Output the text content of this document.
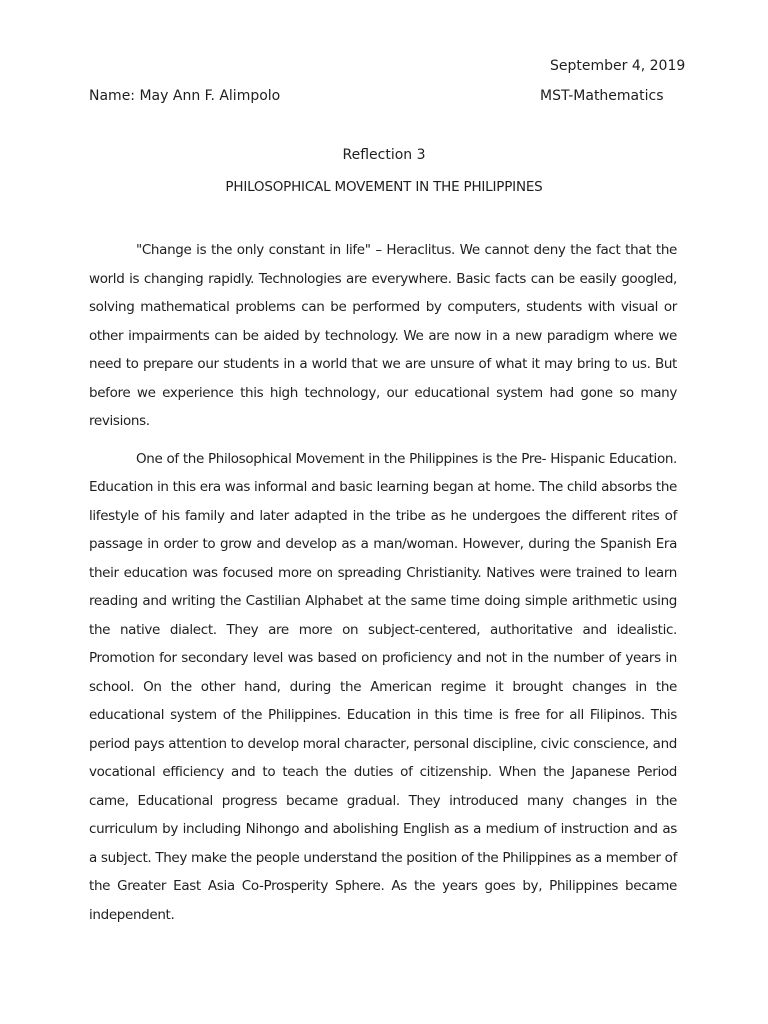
September 4, 2019
Name: May Ann F. Alimpolo	MST-Mathematics
Reflection 3
PHILOSOPHICAL MOVEMENT IN THE PHILIPPINES

"Change is the only constant in life" – Heraclitus. We cannot deny the fact that the world is changing rapidly. Technologies are everywhere. Basic facts can be easily googled, solving mathematical problems can be performed by computers, students with visual or other impairments can be aided by technology. We are now in a new paradigm where we need to prepare our students in a world that we are unsure of what it may bring to us. But before we experience this high technology, our educational system had gone so many revisions.

One of the Philosophical Movement in the Philippines is the Pre- Hispanic Education. Education in this era was informal and basic learning began at home. The child absorbs the lifestyle of his family and later adapted in the tribe as he undergoes the different rites of passage in order to grow and develop as a man/woman. However, during the Spanish Era their education was focused more on spreading Christianity. Natives were trained to learn reading and writing the Castilian Alphabet at the same time doing simple arithmetic using the native dialect. They are more on subject-centered, authoritative and idealistic. Promotion for secondary level was based on proficiency and not in the number of years in school. On the other hand, during the American regime it brought changes in the educational system of the Philippines. Education in this time is free for all Filipinos. This period pays attention to develop moral character, personal discipline, civic conscience, and vocational efficiency and to teach the duties of citizenship. When the Japanese Period came, Educational progress became gradual. They introduced many changes in the curriculum by including Nihongo and abolishing English as a medium of instruction and as a subject. They make the people understand the position of the Philippines as a member of the Greater East Asia Co-Prosperity Sphere. As the years goes by, Philippines became independent.
